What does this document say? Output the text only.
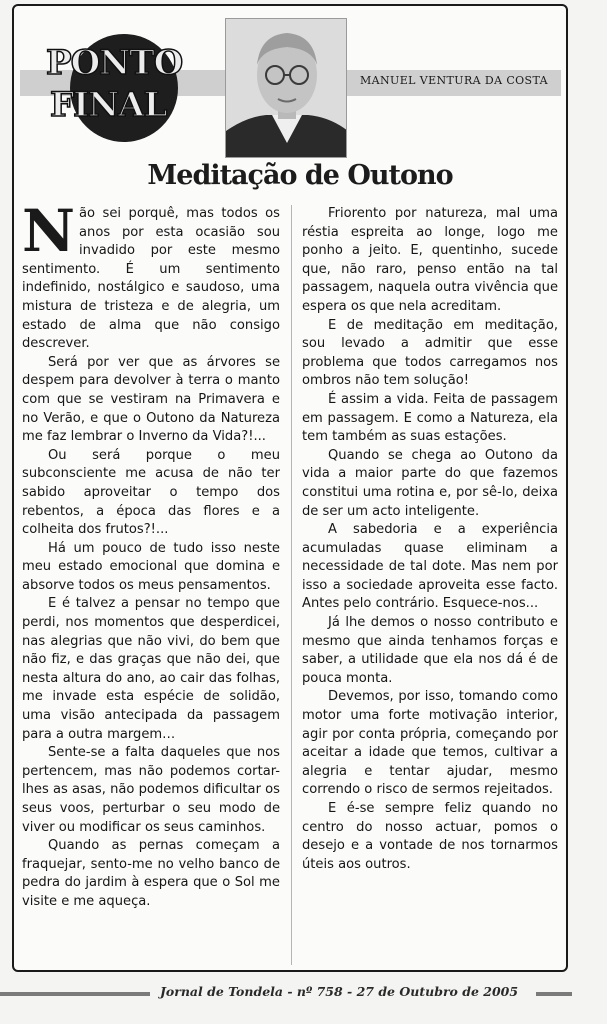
PONTO
FINAL
MANUEL VENTURA DA COSTA
Meditação de Outono

Não sei porquê, mas todos os anos por esta ocasião sou invadido por este mesmo sentimento. É um sentimento indefinido, nostálgico e saudoso, uma mistura de tristeza e de alegria, um estado de alma que não consigo descrever.

Será por ver que as árvores se despem para devolver à terra o manto com que se vestiram na Primavera e no Verão, e que o Outono da Natureza me faz lembrar o Inverno da Vida?!...

Ou será porque o meu subconsciente me acusa de não ter sabido aproveitar o tempo dos rebentos, a época das flores e a colheita dos frutos?!...

Há um pouco de tudo isso neste meu estado emocional que domina e absorve todos os meus pensamentos.

E é talvez a pensar no tempo que perdi, nos momentos que desperdicei, nas alegrias que não vivi, do bem que não fiz, e das graças que não dei, que nesta altura do ano, ao cair das folhas, me invade esta espécie de solidão, uma visão antecipada da passagem para a outra margem…

Sente-se a falta daqueles que nos pertencem, mas não podemos cortar-lhes as asas, não podemos dificultar os seus voos, perturbar o seu modo de viver ou modificar os seus caminhos.

Quando as pernas começam a fraquejar, sento-me no velho banco de pedra do jardim à espera que o Sol me visite e me aqueça.

Friorento por natureza, mal uma réstia espreita ao longe, logo me ponho a jeito. E, quentinho, sucede que, não raro, penso então na tal passagem, naquela outra vivência que espera os que nela acreditam.

E de meditação em meditação, sou levado a admitir que esse problema que todos carregamos nos ombros não tem solução!

É assim a vida. Feita de passagem em passagem. E como a Natureza, ela tem também as suas estações.

Quando se chega ao Outono da vida a maior parte do que fazemos constitui uma rotina e, por sê-lo, deixa de ser um acto inteligente.

A sabedoria e a experiência acumuladas quase eliminam a necessidade de tal dote. Mas nem por isso a sociedade aproveita esse facto. Antes pelo contrário. Esquece-nos...

Já lhe demos o nosso contributo e mesmo que ainda tenhamos forças e saber, a utilidade que ela nos dá é de pouca monta.

Devemos, por isso, tomando como motor uma forte motivação interior, agir por conta própria, começando por aceitar a idade que temos, cultivar a alegria e tentar ajudar, mesmo correndo o risco de sermos rejeitados.

E é-se sempre feliz quando no centro do nosso actuar, pomos o desejo e a vontade de nos tornarmos úteis aos outros.

Jornal de Tondela - nº 758 - 27 de Outubro de 2005
